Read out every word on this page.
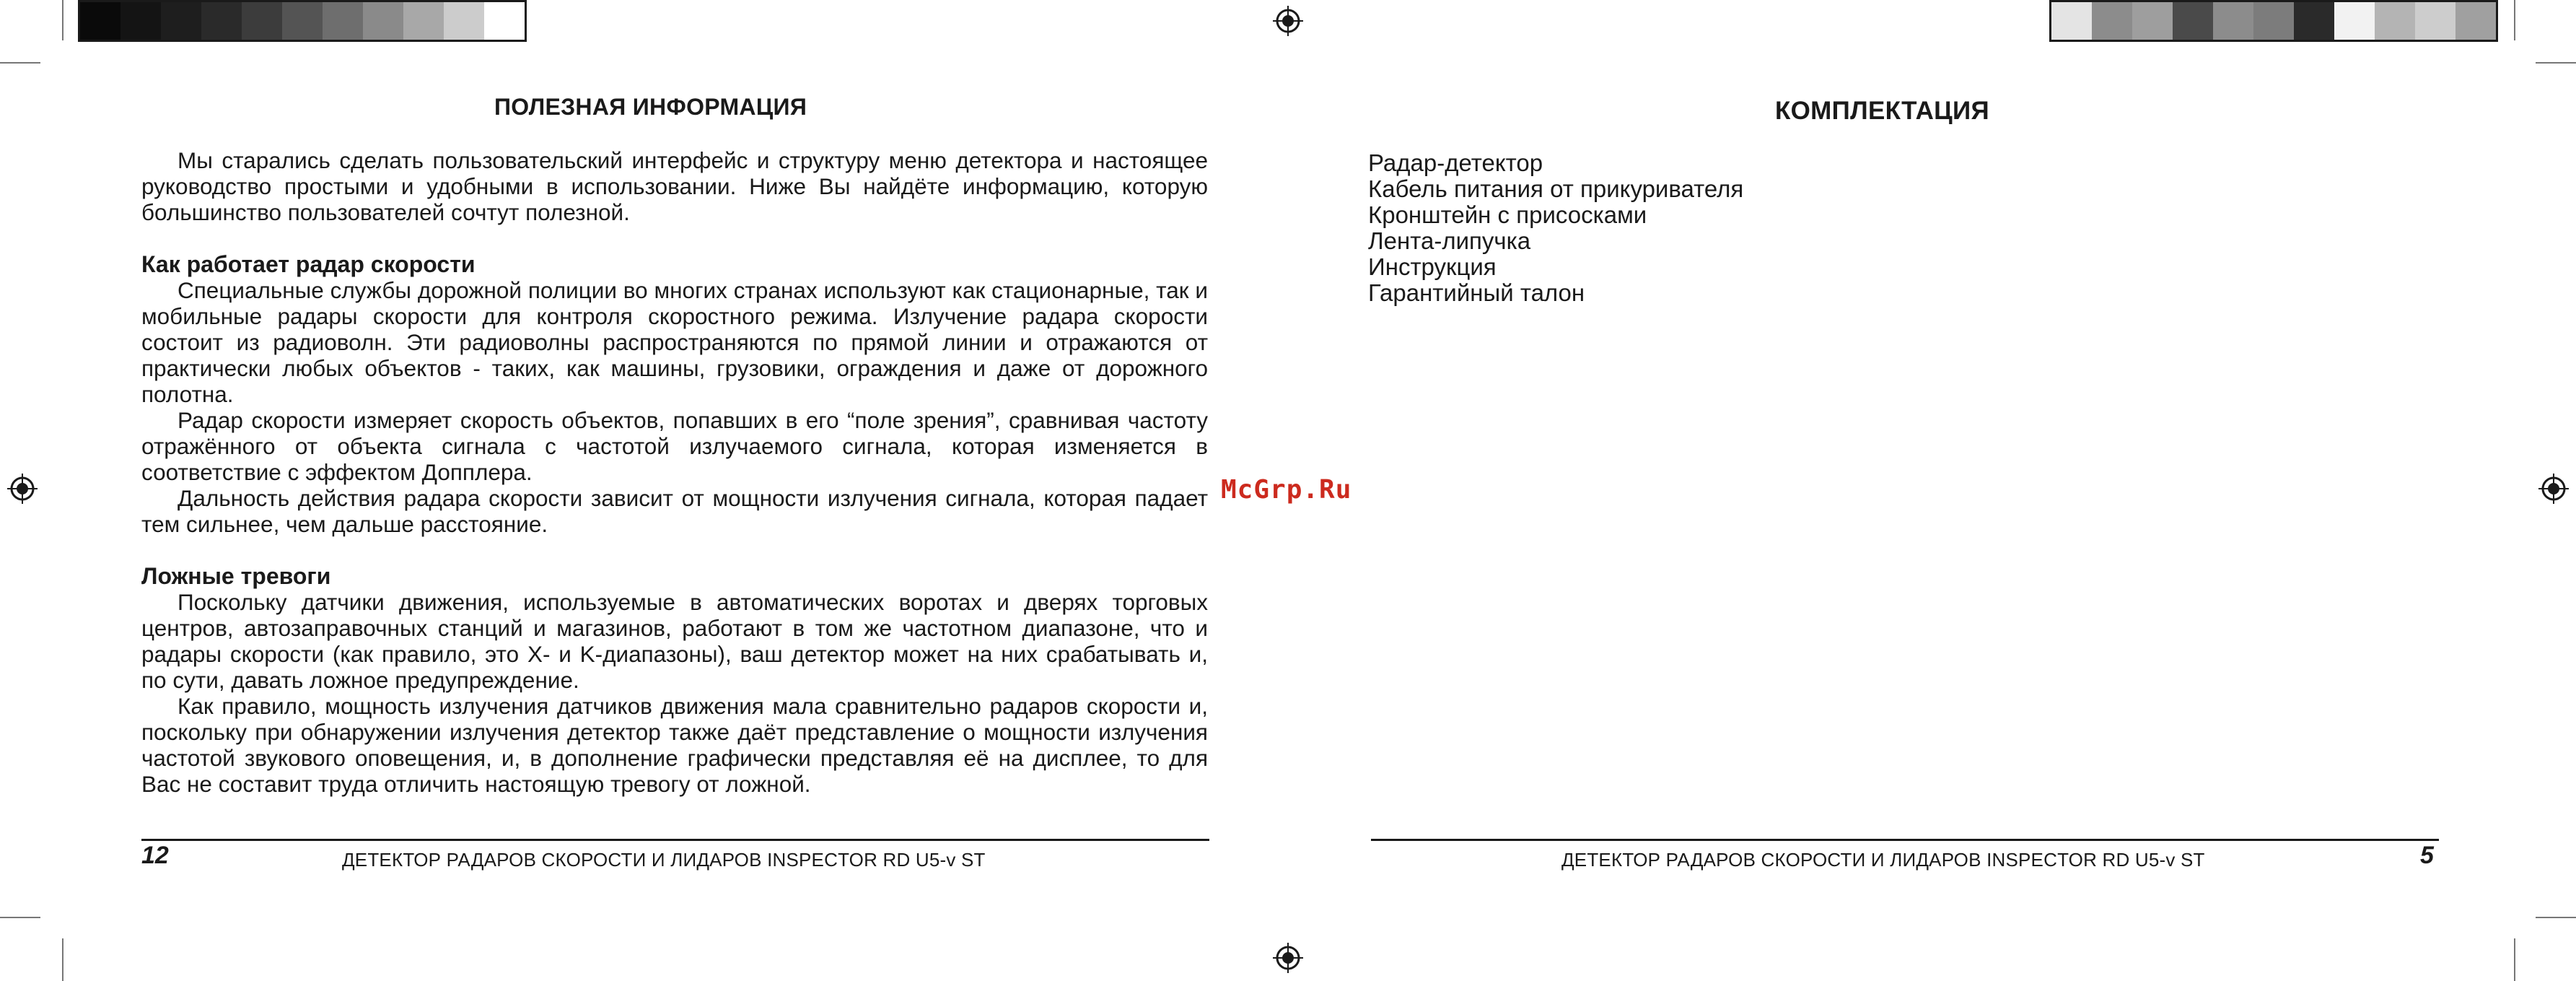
ПОЛЕЗНАЯ ИНФОРМАЦИЯ

Мы старались сделать пользовательский интерфейс и структуру меню детектора и настоящее руководство простыми и удобными в использовании. Ниже Вы найдёте информацию, которую большинство пользователей сочтут полезной.

Как работает радар скорости

Специальные службы дорожной полиции во многих странах используют как стационарные, так и мобильные радары скорости для контроля скоростного режима. Излучение радара скорости состоит из радиоволн. Эти радиоволны распространяются по прямой линии и отражаются от практически любых объектов - таких, как машины, грузовики, ограждения и даже от дорожного полотна.

Радар скорости измеряет скорость объектов, попавших в его “поле зрения”, сравнивая частоту отражённого от объекта сигнала с частотой излучаемого сигнала, которая изменяется в соответствие с эффектом Допплера.

Дальность действия радара скорости зависит от мощности излучения сигнала, которая падает тем сильнее, чем дальше расстояние.

Ложные тревоги

Поскольку датчики движения, используемые в автоматических воротах и дверях торговых центров, автозаправочных станций и магазинов, работают в том же частотном диапазоне, что и радары скорости (как правило, это X- и K-диапазоны), ваш детектор может на них срабатывать и, по сути, давать ложное предупреждение.

Как правило, мощность излучения датчиков движения мала сравнительно радаров скорости и, поскольку при обнаружении излучения детектор также даёт представление о мощности излучения частотой звукового оповещения, и, в дополнение графически представляя её на дисплее, то для Вас не составит труда отличить настоящую тревогу от ложной.

12	ДЕТЕКТОР РАДАРОВ СКОРОСТИ И ЛИДАРОВ INSPECTOR RD U5-v ST
McGrp.Ru
КОМПЛЕКТАЦИЯ
Радар-детектор
Кабель питания от прикуривателя
Кронштейн с присосками
Лента-липучка
Инструкция
Гарантийный талон
ДЕТЕКТОР РАДАРОВ СКОРОСТИ И ЛИДАРОВ INSPECTOR RD U5-v ST	5
